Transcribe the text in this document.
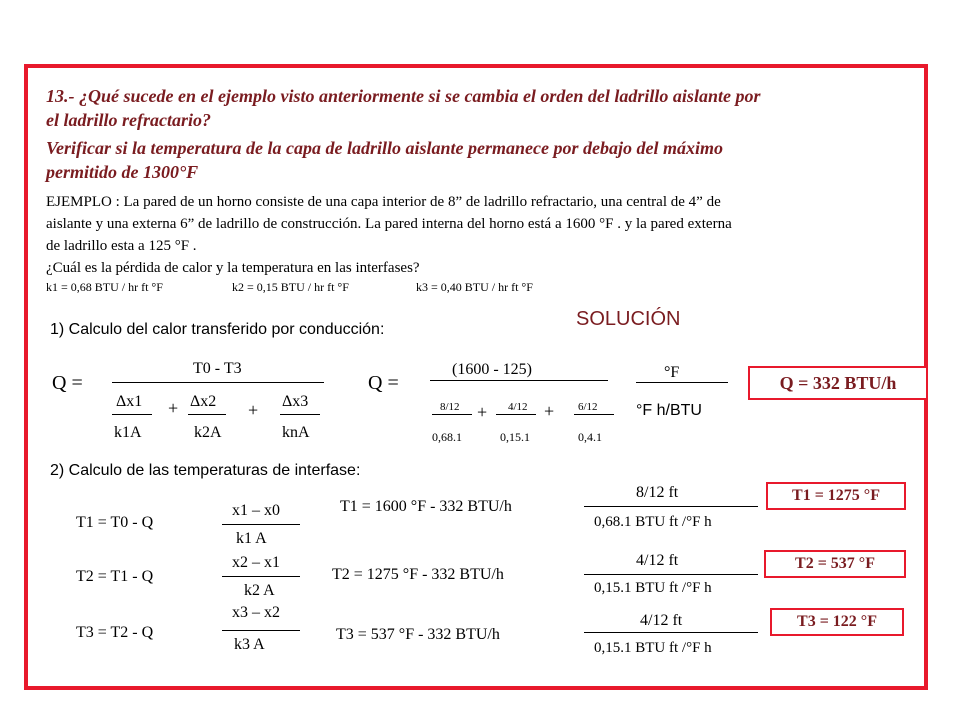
13.- ¿Qué sucede en el ejemplo visto anteriormente si se cambia el orden del ladrillo aislante por
el ladrillo refractario?
Verificar si la temperatura de la capa de ladrillo aislante permanece por debajo del máximo
permitido de 1300°F
EJEMPLO : La pared de un horno consiste de una capa interior de 8” de ladrillo refractario, una central de 4” de
aislante y una externa 6” de ladrillo de construcción. La pared interna del horno está a 1600 °F . y la pared externa
de ladrillo esta a 125 °F .
¿Cuál es la pérdida de calor y la temperatura en las interfases?
k1 = 0,68 BTU / hr ft °F	k2 = 0,15 BTU / hr ft °F	k3 = 0,40 BTU / hr ft °F
SOLUCIÓN
1) Calculo del calor transferido por conducción:
Q =
T0 - T3
Δx1 + Δx2 + Δx3
k1A	k2A	knA
Q =
(1600 - 125)
8/12 + 4/12 + 6/12
0,68.1	0,15.1	0,4.1
°F
°F h/BTU
Q = 332 BTU/h
2) Calculo de las temperaturas de interfase:
T1 = T0 - Q
x1 – x0
k1 A
T1 = 1600 °F - 332 BTU/h
8/12 ft
0,68.1 BTU ft /°F h
T1 = 1275 °F
T2 = T1 - Q
x2 – x1
k2 A
T2 = 1275 °F - 332 BTU/h
4/12 ft
0,15.1 BTU ft /°F h
T2 = 537 °F
T3 = T2 - Q
x3 – x2
k3 A
T3 = 537 °F - 332 BTU/h
4/12 ft
0,15.1 BTU ft /°F h
T3 = 122 °F
